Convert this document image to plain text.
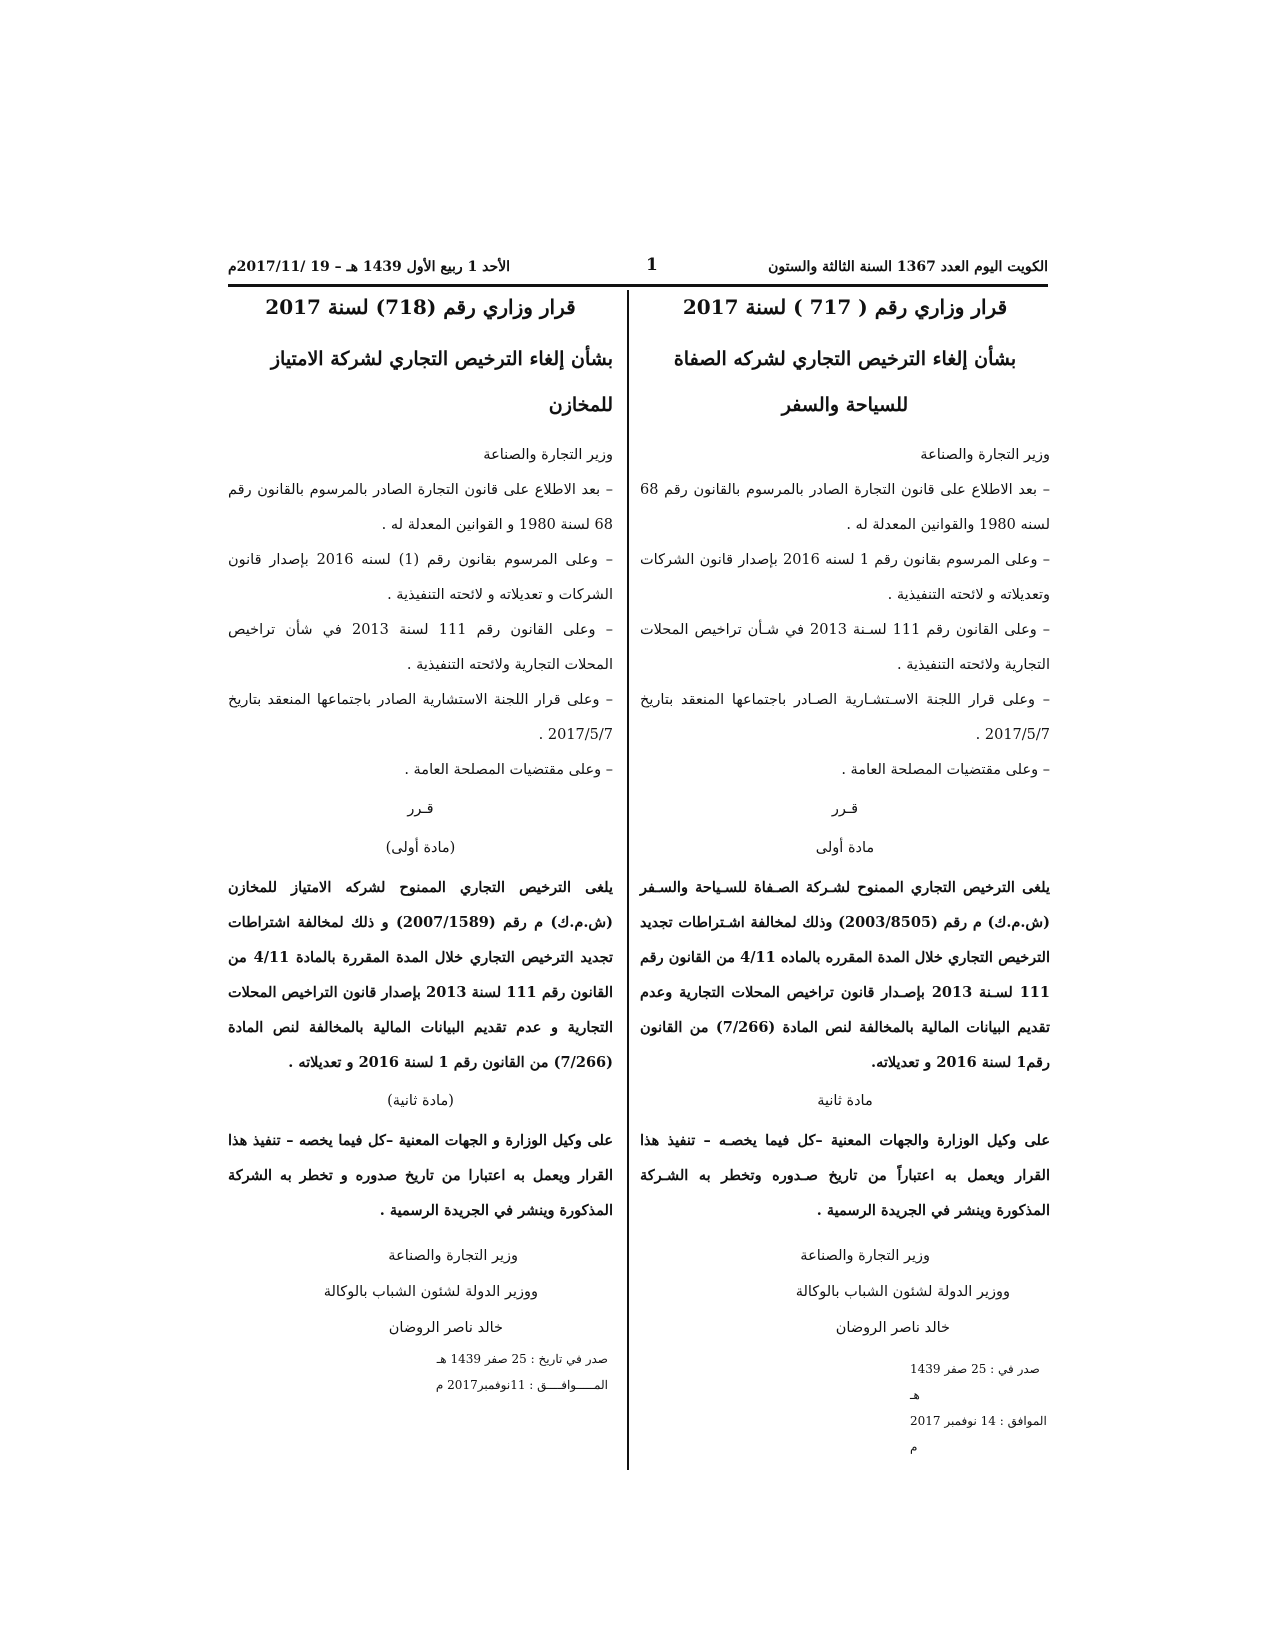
الكويت اليوم العدد 1367 السنة الثالثة والستون
1
الأحد 1 ربيع الأول 1439 هـ – 19 /2017/11م
قرار وزاري رقم ( 717 ) لسنة 2017
بشأن إلغاء الترخيص التجاري لشركه الصفاة للسياحة والسفر

وزير التجارة والصناعة

– بعد الاطلاع على قانون التجارة الصادر بالمرسوم بالقانون رقم 68 لسنه 1980 والقوانين المعدلة له .

– وعلى المرسوم بقانون رقم 1 لسنه 2016 بإصدار قانون الشركات وتعديلاته و لائحته التنفيذية .

– وعلى القانون رقم 111 لسـنة 2013 في شـأن تراخيص المحلات التجارية ولائحته التنفيذية .

– وعلى قرار اللجنة الاسـتشـارية الصـادر باجتماعها المنعقد بتاريخ 2017/5/7 .

– وعلى مقتضيات المصلحة العامة .

قـرر
مادة أولى

يلغى الترخيص التجاري الممنوح لشـركة الصـفاة للسـياحة والسـفر (ش.م.ك) م رقم (2003/8505) وذلك لمخالفة اشـتراطات تجديد الترخيص التجاري خلال المدة المقرره بالماده 4/11 من القانون رقم 111 لسـنة 2013 بإصـدار قانون تراخيص المحلات التجارية وعدم تقديم البيانات المالية بالمخالفة لنص المادة (7/266) من القانون رقم1 لسنة 2016 و تعديلاته.

مادة ثانية

على وكيل الوزارة والجهات المعنية –كل فيما يخصـه – تنفيذ هذا القرار ويعمل به اعتباراً من تاريخ صـدوره وتخطر به الشـركة المذكورة وينشر في الجريدة الرسمية .

وزير التجارة والصناعة

ووزير الدولة لشئون الشباب بالوكالة

خالد ناصر الروضان

صدر في : 25 صفر 1439 هـ

الموافق : 14 نوفمبر 2017 م

قرار وزاري رقم (718) لسنة 2017
بشأن إلغاء الترخيص التجاري لشركة الامتياز للمخازن

وزير التجارة والصناعة

– بعد الاطلاع على قانون التجارة الصادر بالمرسوم بالقانون رقم 68 لسنة 1980 و القوانين المعدلة له .

– وعلى المرسوم بقانون رقم (1) لسنه 2016 بإصدار قانون الشركات و تعديلاته و لائحته التنفيذية .

– وعلى القانون رقم 111 لسنة 2013 في شأن تراخيص المحلات التجارية ولائحته التنفيذية .

– وعلى قرار اللجنة الاستشارية الصادر باجتماعها المنعقد بتاريخ 2017/5/7 .

– وعلى مقتضيات المصلحة العامة .

قـرر
(مادة أولى)

يلغى الترخيص التجاري الممنوح لشركه الامتياز للمخازن (ش.م.ك) م رقم (2007/1589) و ذلك لمخالفة اشتراطات تجديد الترخيص التجاري خلال المدة المقررة بالمادة 4/11 من القانون رقم 111 لسنة 2013 بإصدار قانون التراخيص المحلات التجارية و عدم تقديم البيانات المالية بالمخالفة لنص المادة (7/266) من القانون رقم 1 لسنة 2016 و تعديلاته .

(مادة ثانية)

على وكيل الوزارة و الجهات المعنية –كل فيما يخصه – تنفيذ هذا القرار ويعمل به اعتبارا من تاريخ صدوره و تخطر به الشركة المذكورة وينشر في الجريدة الرسمية .

وزير التجارة والصناعة

ووزير الدولة لشئون الشباب بالوكالة

خالد ناصر الروضان

صدر في تاريخ : 25 صفر 1439 هـ

المـــــوافــــق : 11نوفمبر2017 م
